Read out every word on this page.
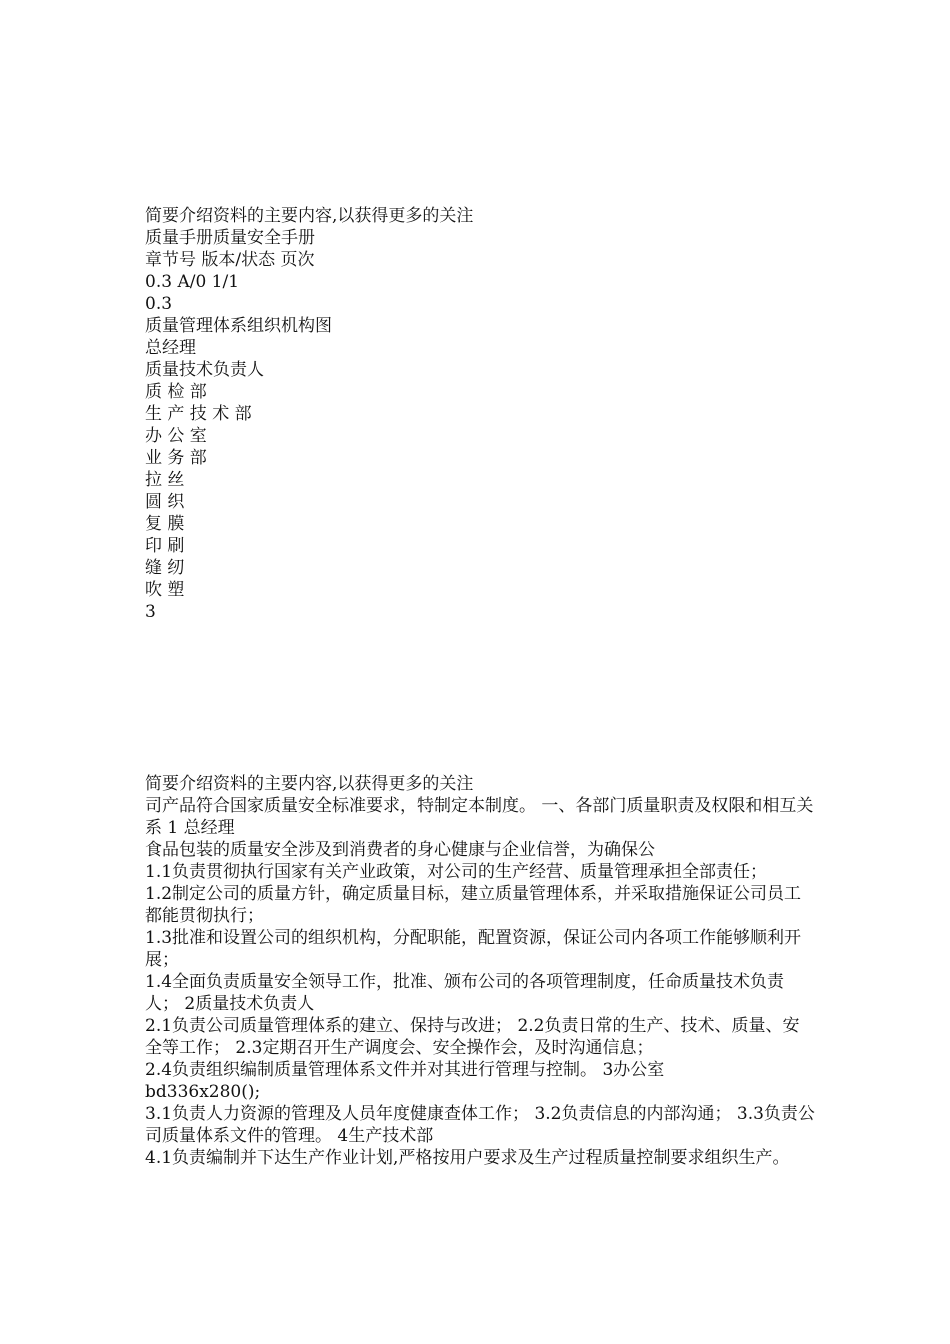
简要介绍资料的主要内容,以获得更多的关注
质量手册质量安全手册
章节号 版本/状态 页次
0.3 A/0 1/1
0.3
质量管理体系组织机构图
总经理
质量技术负责人
质 检 部
生 产 技 术 部
办 公 室
业 务 部
拉 丝
圆 织
复 膜
印 刷
缝 纫
吹 塑
3
简要介绍资料的主要内容,以获得更多的关注
司产品符合国家质量安全标准要求，特制定本制度。 一、各部门质量职责及权限和相互关系 1 总经理
食品包装的质量安全涉及到消费者的身心健康与企业信誉，为确保公
1.1负责贯彻执行国家有关产业政策，对公司的生产经营、质量管理承担全部责任；
1.2制定公司的质量方针，确定质量目标，建立质量管理体系，并采取措施保证公司员工都能贯彻执行；
1.3批准和设置公司的组织机构，分配职能，配置资源，保证公司内各项工作能够顺利开展；
1.4全面负责质量安全领导工作，批准、颁布公司的各项管理制度，任命质量技术负责人； 2质量技术负责人
2.1负责公司质量管理体系的建立、保持与改进； 2.2负责日常的生产、技术、质量、安全等工作； 2.3定期召开生产调度会、安全操作会，及时沟通信息；
2.4负责组织编制质量管理体系文件并对其进行管理与控制。 3办公室
bd336x280();
3.1负责人力资源的管理及人员年度健康查体工作； 3.2负责信息的内部沟通； 3.3负责公司质量体系文件的管理。 4生产技术部
4.1负责编制并下达生产作业计划,严格按用户要求及生产过程质量控制要求组织生产。
